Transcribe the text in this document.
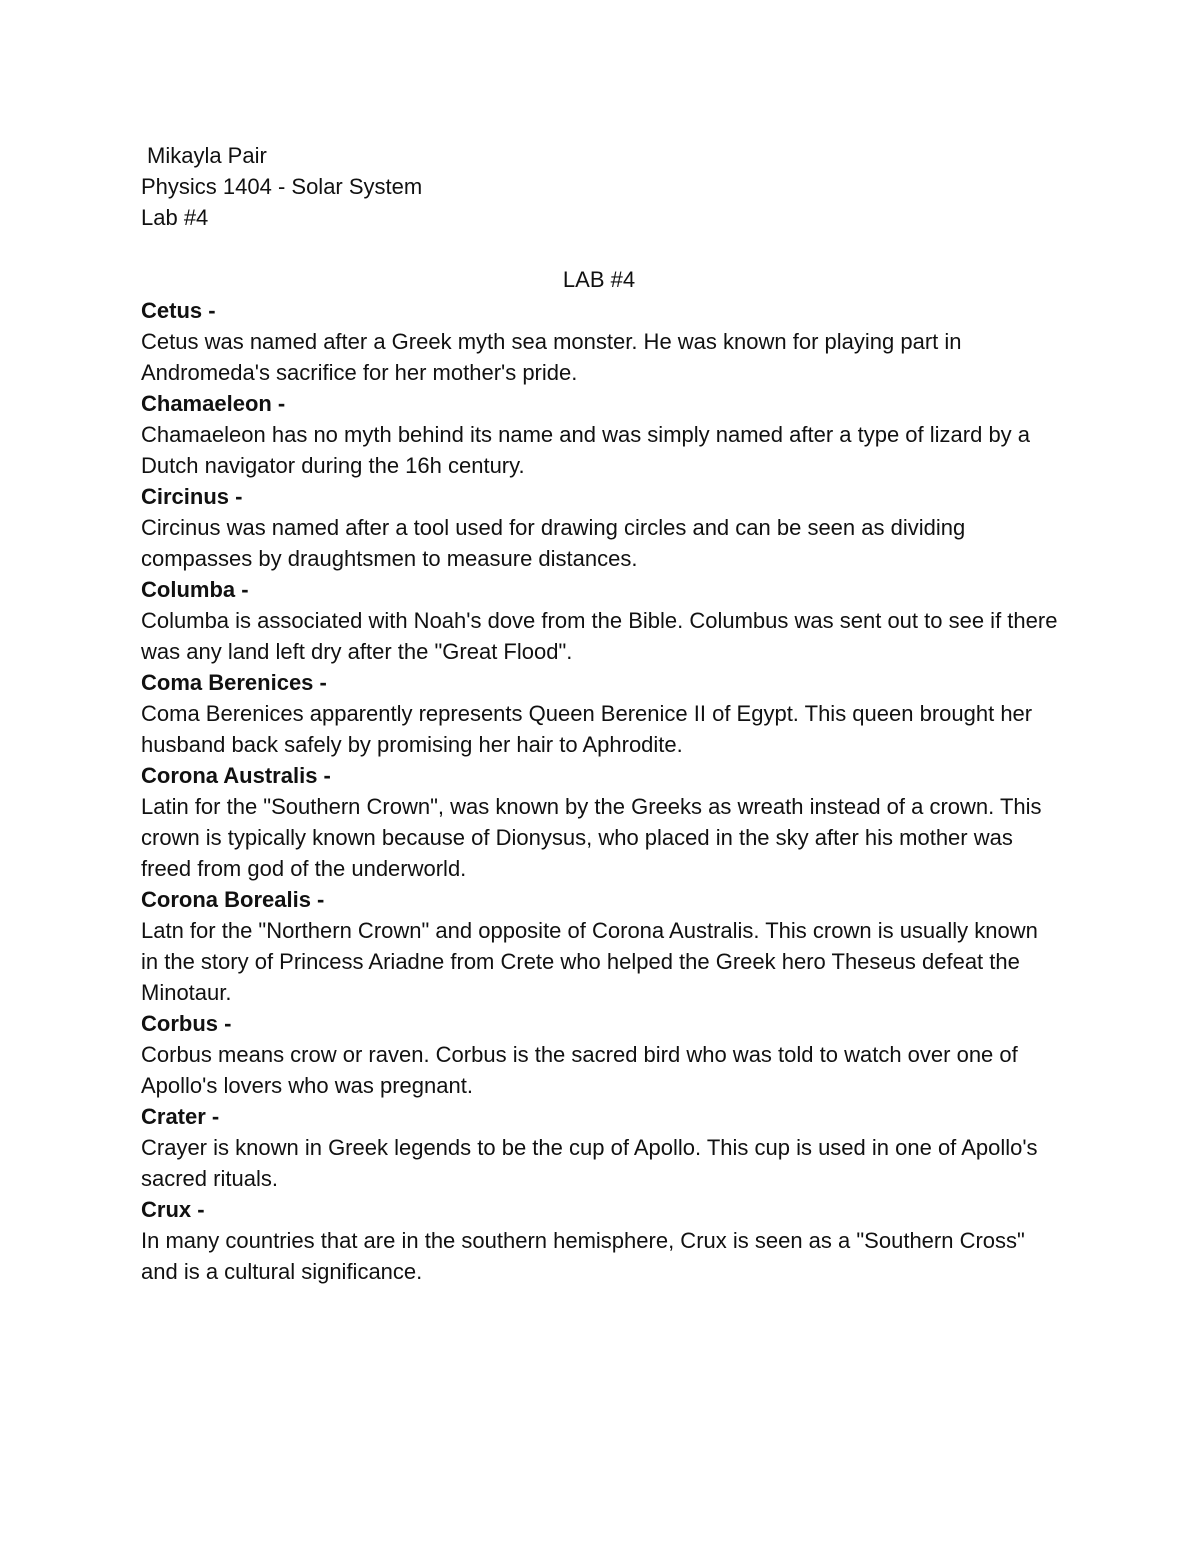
Mikayla Pair

Physics 1404 - Solar System

Lab #4

LAB #4

Cetus -

Cetus was named after a Greek myth sea monster. He was known for playing part in Andromeda's sacrifice for her mother's pride.

Chamaeleon -

Chamaeleon has no myth behind its name and was simply named after a type of lizard by a Dutch navigator during the 16h century.

Circinus -

Circinus was named after a tool used for drawing circles and can be seen as dividing compasses by draughtsmen to measure distances.

Columba -

Columba is associated with Noah's dove from the Bible. Columbus was sent out to see if there was any land left dry after the "Great Flood".

Coma Berenices -

Coma Berenices apparently represents Queen Berenice II of Egypt. This queen brought her husband back safely by promising her hair to Aphrodite.

Corona Australis -

Latin for the "Southern Crown", was known by the Greeks as wreath instead of a crown. This crown is typically known because of Dionysus, who placed in the sky after his mother was freed from god of the underworld.

Corona Borealis -

Latn for the "Northern Crown" and opposite of Corona Australis. This crown is usually known in the story of Princess Ariadne from Crete who helped the Greek hero Theseus defeat the Minotaur.

Corbus -

Corbus means crow or raven. Corbus is the sacred bird who was told to watch over one of Apollo's lovers who was pregnant.

Crater -

Crayer is known in Greek legends to be the cup of Apollo. This cup is used in one of Apollo's sacred rituals.

Crux -

In many countries that are in the southern hemisphere, Crux is seen as a "Southern Cross" and is a cultural significance.
